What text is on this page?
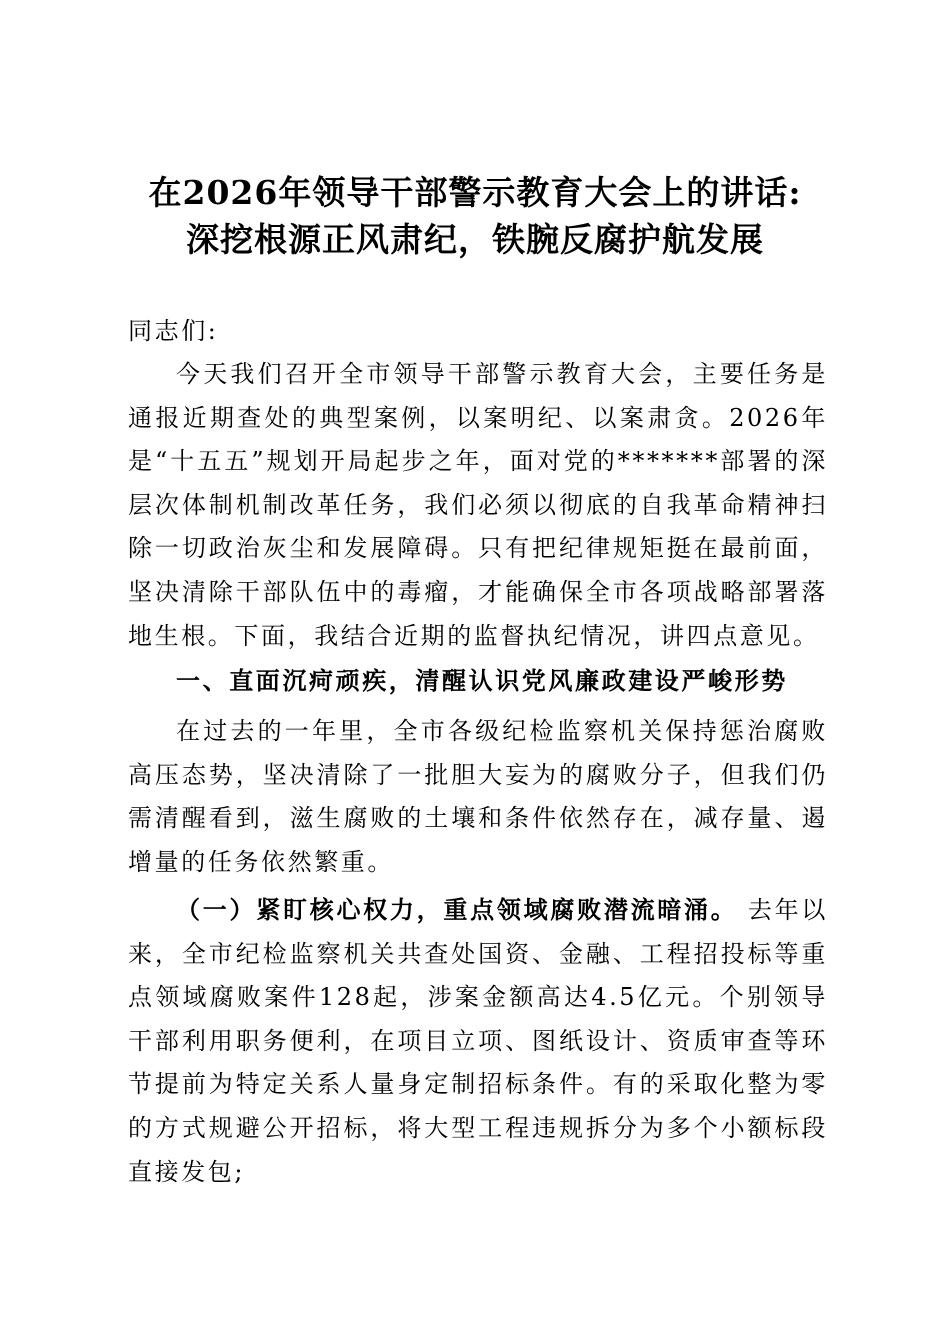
在2026年领导干部警示教育大会上的讲话:
深挖根源正风肃纪，铁腕反腐护航发展
同志们:
今天我们召开全市领导干部警示教育大会，主要任务是通报近期查处的典型案例，以案明纪、以案肃贪。2026年是“十五五”规划开局起步之年，面对党的*******部署的深层次体制机制改革任务，我们必须以彻底的自我革命精神扫除一切政治灰尘和发展障碍。只有把纪律规矩挺在最前面，坚决清除干部队伍中的毒瘤，才能确保全市各项战略部署落地生根。下面，我结合近期的监督执纪情况，讲四点意见。
一、直面沉疴顽疾，清醒认识党风廉政建设严峻形势
在过去的一年里，全市各级纪检监察机关保持惩治腐败高压态势，坚决清除了一批胆大妄为的腐败分子，但我们仍需清醒看到，滋生腐败的土壤和条件依然存在，减存量、遏增量的任务依然繁重。
（一）紧盯核心权力，重点领域腐败潜流暗涌。 去年以来，全市纪检监察机关共查处国资、金融、工程招投标等重点领域腐败案件128起，涉案金额高达4.5亿元。个别领导干部利用职务便利，在项目立项、图纸设计、资质审查等环节提前为特定关系人量身定制招标条件。有的采取化整为零的方式规避公开招标，将大型工程违规拆分为多个小额标段直接发包;
